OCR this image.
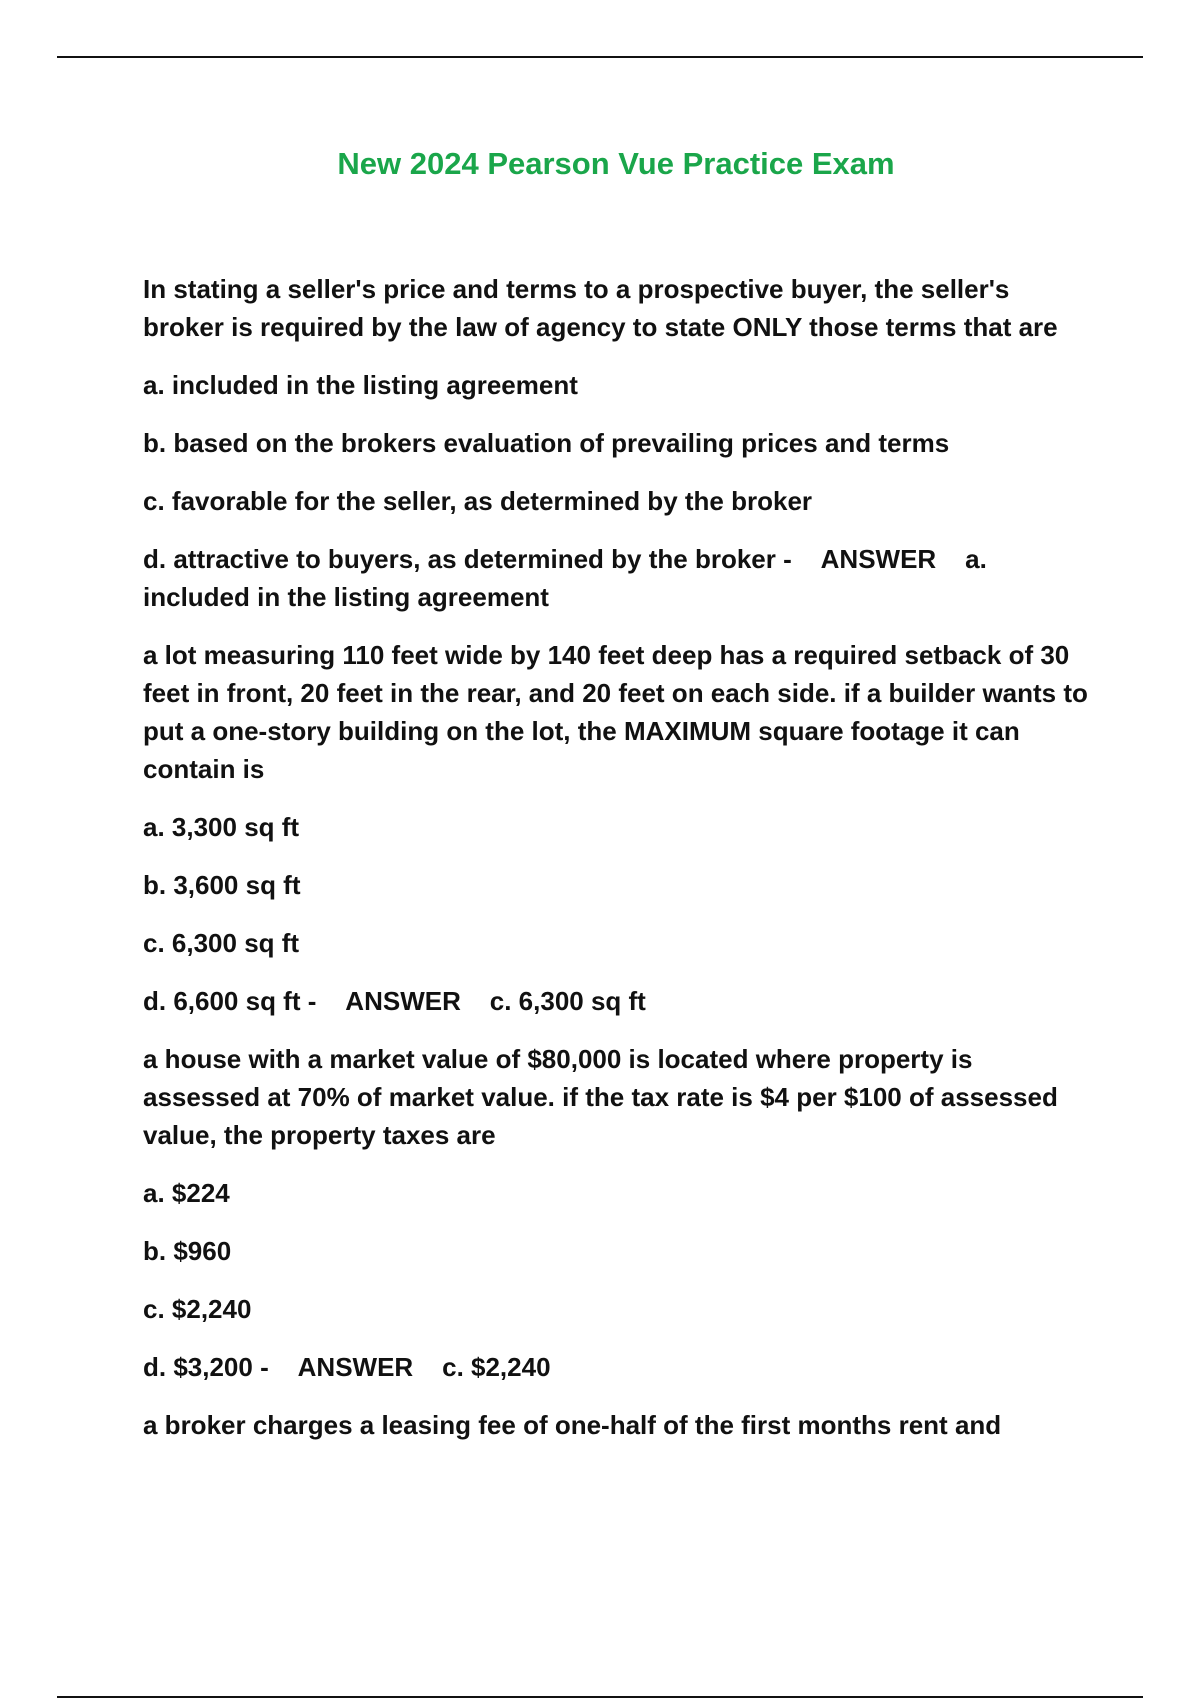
New 2024 Pearson Vue Practice Exam
In stating a seller's price and terms to a prospective buyer, the seller's broker is required by the law of agency to state ONLY those terms that are
a. included in the listing agreement
b. based on the brokers evaluation of prevailing prices and terms
c. favorable for the seller, as determined by the broker
d. attractive to buyers, as determined by the broker - ANSWER a. included in the listing agreement
a lot measuring 110 feet wide by 140 feet deep has a required setback of 30 feet in front, 20 feet in the rear, and 20 feet on each side. if a builder wants to put a one-story building on the lot, the MAXIMUM square footage it can contain is
a. 3,300 sq ft
b. 3,600 sq ft
c. 6,300 sq ft
d. 6,600 sq ft - ANSWER c. 6,300 sq ft
a house with a market value of $80,000 is located where property is assessed at 70% of market value. if the tax rate is $4 per $100 of assessed value, the property taxes are
a. $224
b. $960
c. $2,240
d. $3,200 - ANSWER c. $2,240
a broker charges a leasing fee of one-half of the first months rent and
